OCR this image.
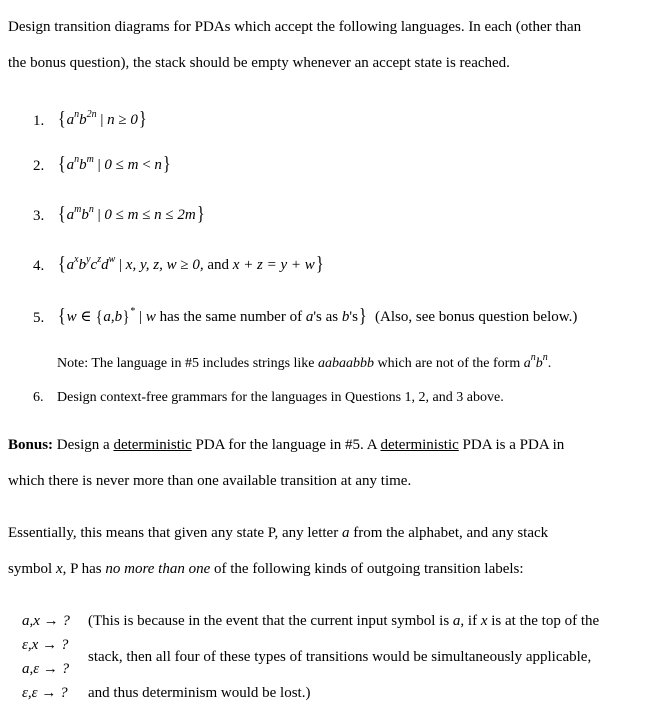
Design transition diagrams for PDAs which accept the following languages. In each (other than
the bonus question), the stack should be empty whenever an accept state is reached.
1. {$a^nb^{2n}$ | n ≥ 0}
2. {$a^nb^m$ | 0 ≤ m < n}
3. {$a^mb^n$ | 0 ≤ m ≤ n ≤ 2m}
4. {$a^xb^yc^zd^w$ | x, y, z, w ≥ 0, and x + z = y + w}
5. {w ∈ {a,b}* | w has the same number of a's as b's} (Also, see bonus question below.)
Note: The language in #5 includes strings like aabaabbb which are not of the form $a^nb^n$.
6. Design context-free grammars for the languages in Questions 1, 2, and 3 above.
Bonus: Design a deterministic PDA for the language in #5. A deterministic PDA is a PDA in
which there is never more than one available transition at any time.
Essentially, this means that given any state P, any letter a from the alphabet, and any stack
symbol x, P has no more than one of the following kinds of outgoing transition labels:
a,x → ?
ε,x → ?
a,ε → ?
ε,ε → ?
(This is because in the event that the current input symbol is a, if x is at the top of the
stack, then all four of these types of transitions would be simultaneously applicable,
and thus determinism would be lost.)
